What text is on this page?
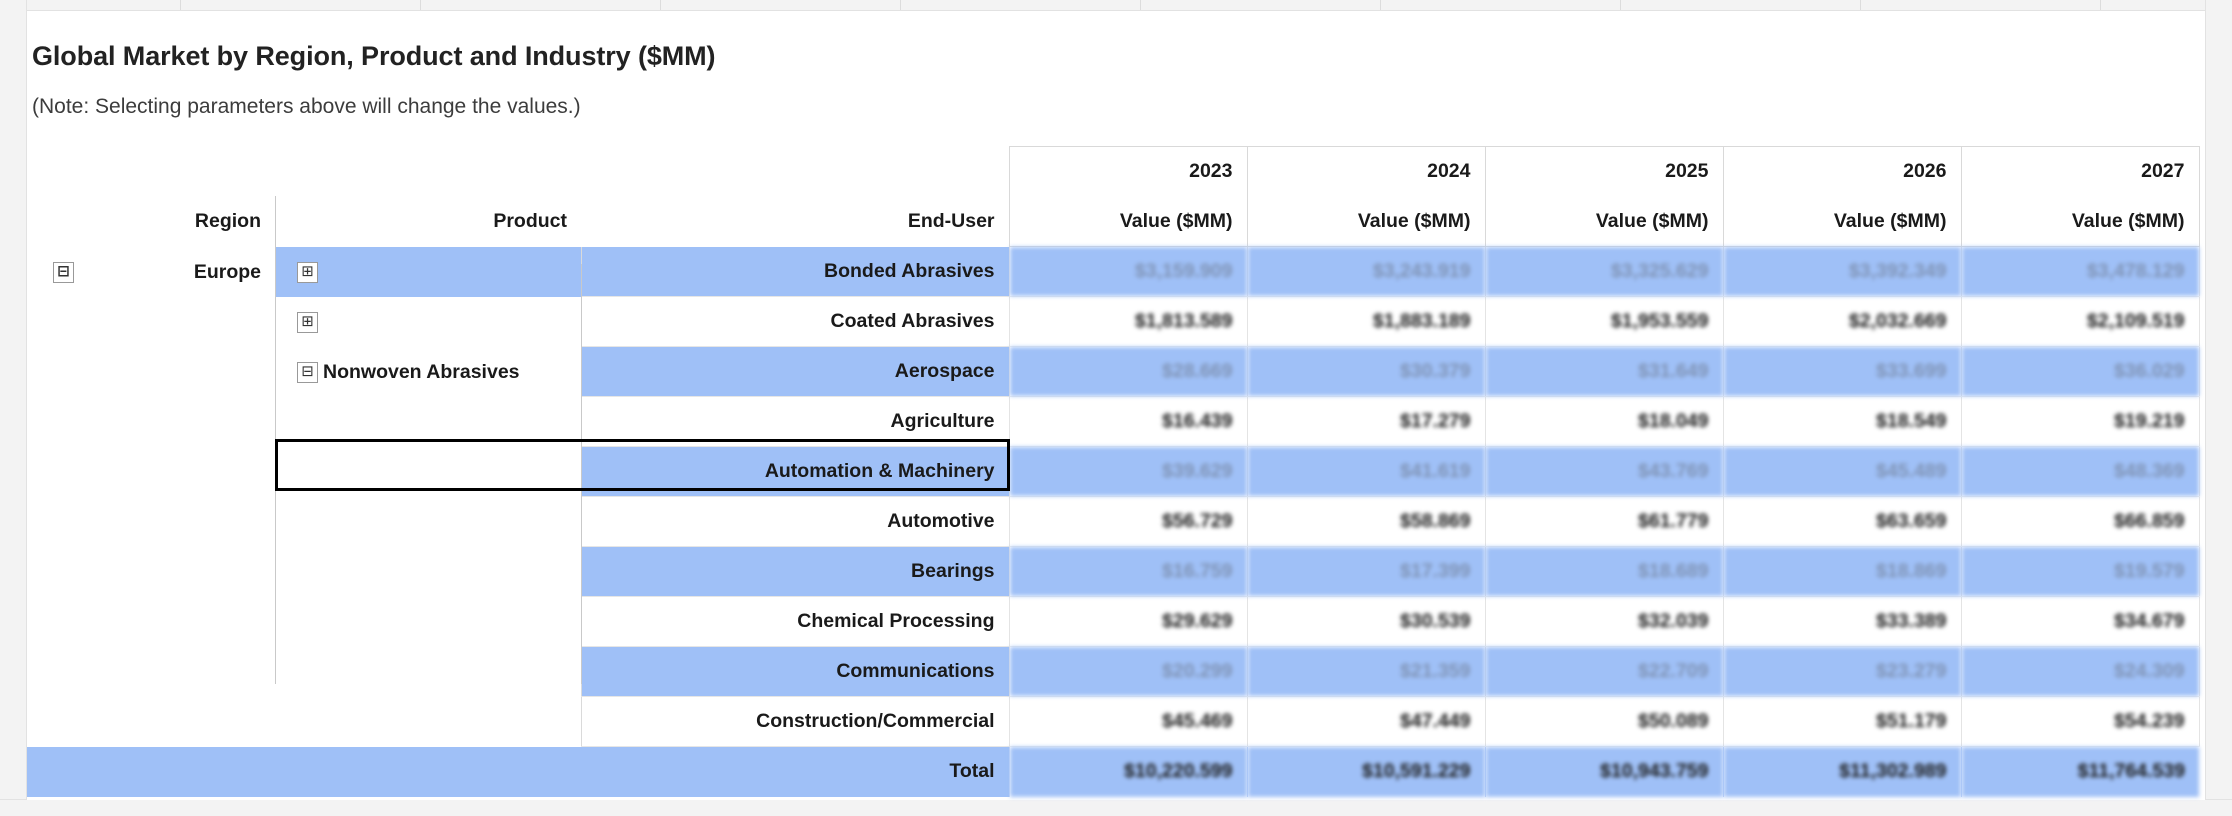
Global Market by Region, Product and Industry ($MM)
(Note: Selecting parameters above will change the values.)
			2023	2024	2025	2026	2027
Region	Product	End-User	Value ($MM)	Value ($MM)	Value ($MM)	Value ($MM)	Value ($MM)

⊟ Europe	⊞	Bonded Abrasives	$3,159.909	$3,243.919	$3,325.629	$3,392.349	$3,478.129

	⊞	Coated Abrasives	$1,813.589	$1,883.189	$1,953.559	$2,032.669	$2,109.519

	⊟ Nonwoven Abrasives	Aerospace	$28.669	$30.379	$31.649	$33.699	$36.029
		Agriculture	$16.439	$17.279	$18.049	$18.549	$19.219
		Automation & Machinery	$39.629	$41.619	$43.769	$45.489	$48.369
		Automotive	$56.729	$58.869	$61.779	$63.659	$66.859
		Bearings	$16.759	$17.399	$18.689	$18.869	$19.579
		Chemical Processing	$29.629	$30.539	$32.039	$33.389	$34.679
		Communications	$20.299	$21.359	$22.709	$23.279	$24.309
		Construction/Commercial	$45.469	$47.449	$50.089	$51.179	$54.239
		Total	$10,220.599	$10,591.229	$10,943.759	$11,302.989	$11,764.539
